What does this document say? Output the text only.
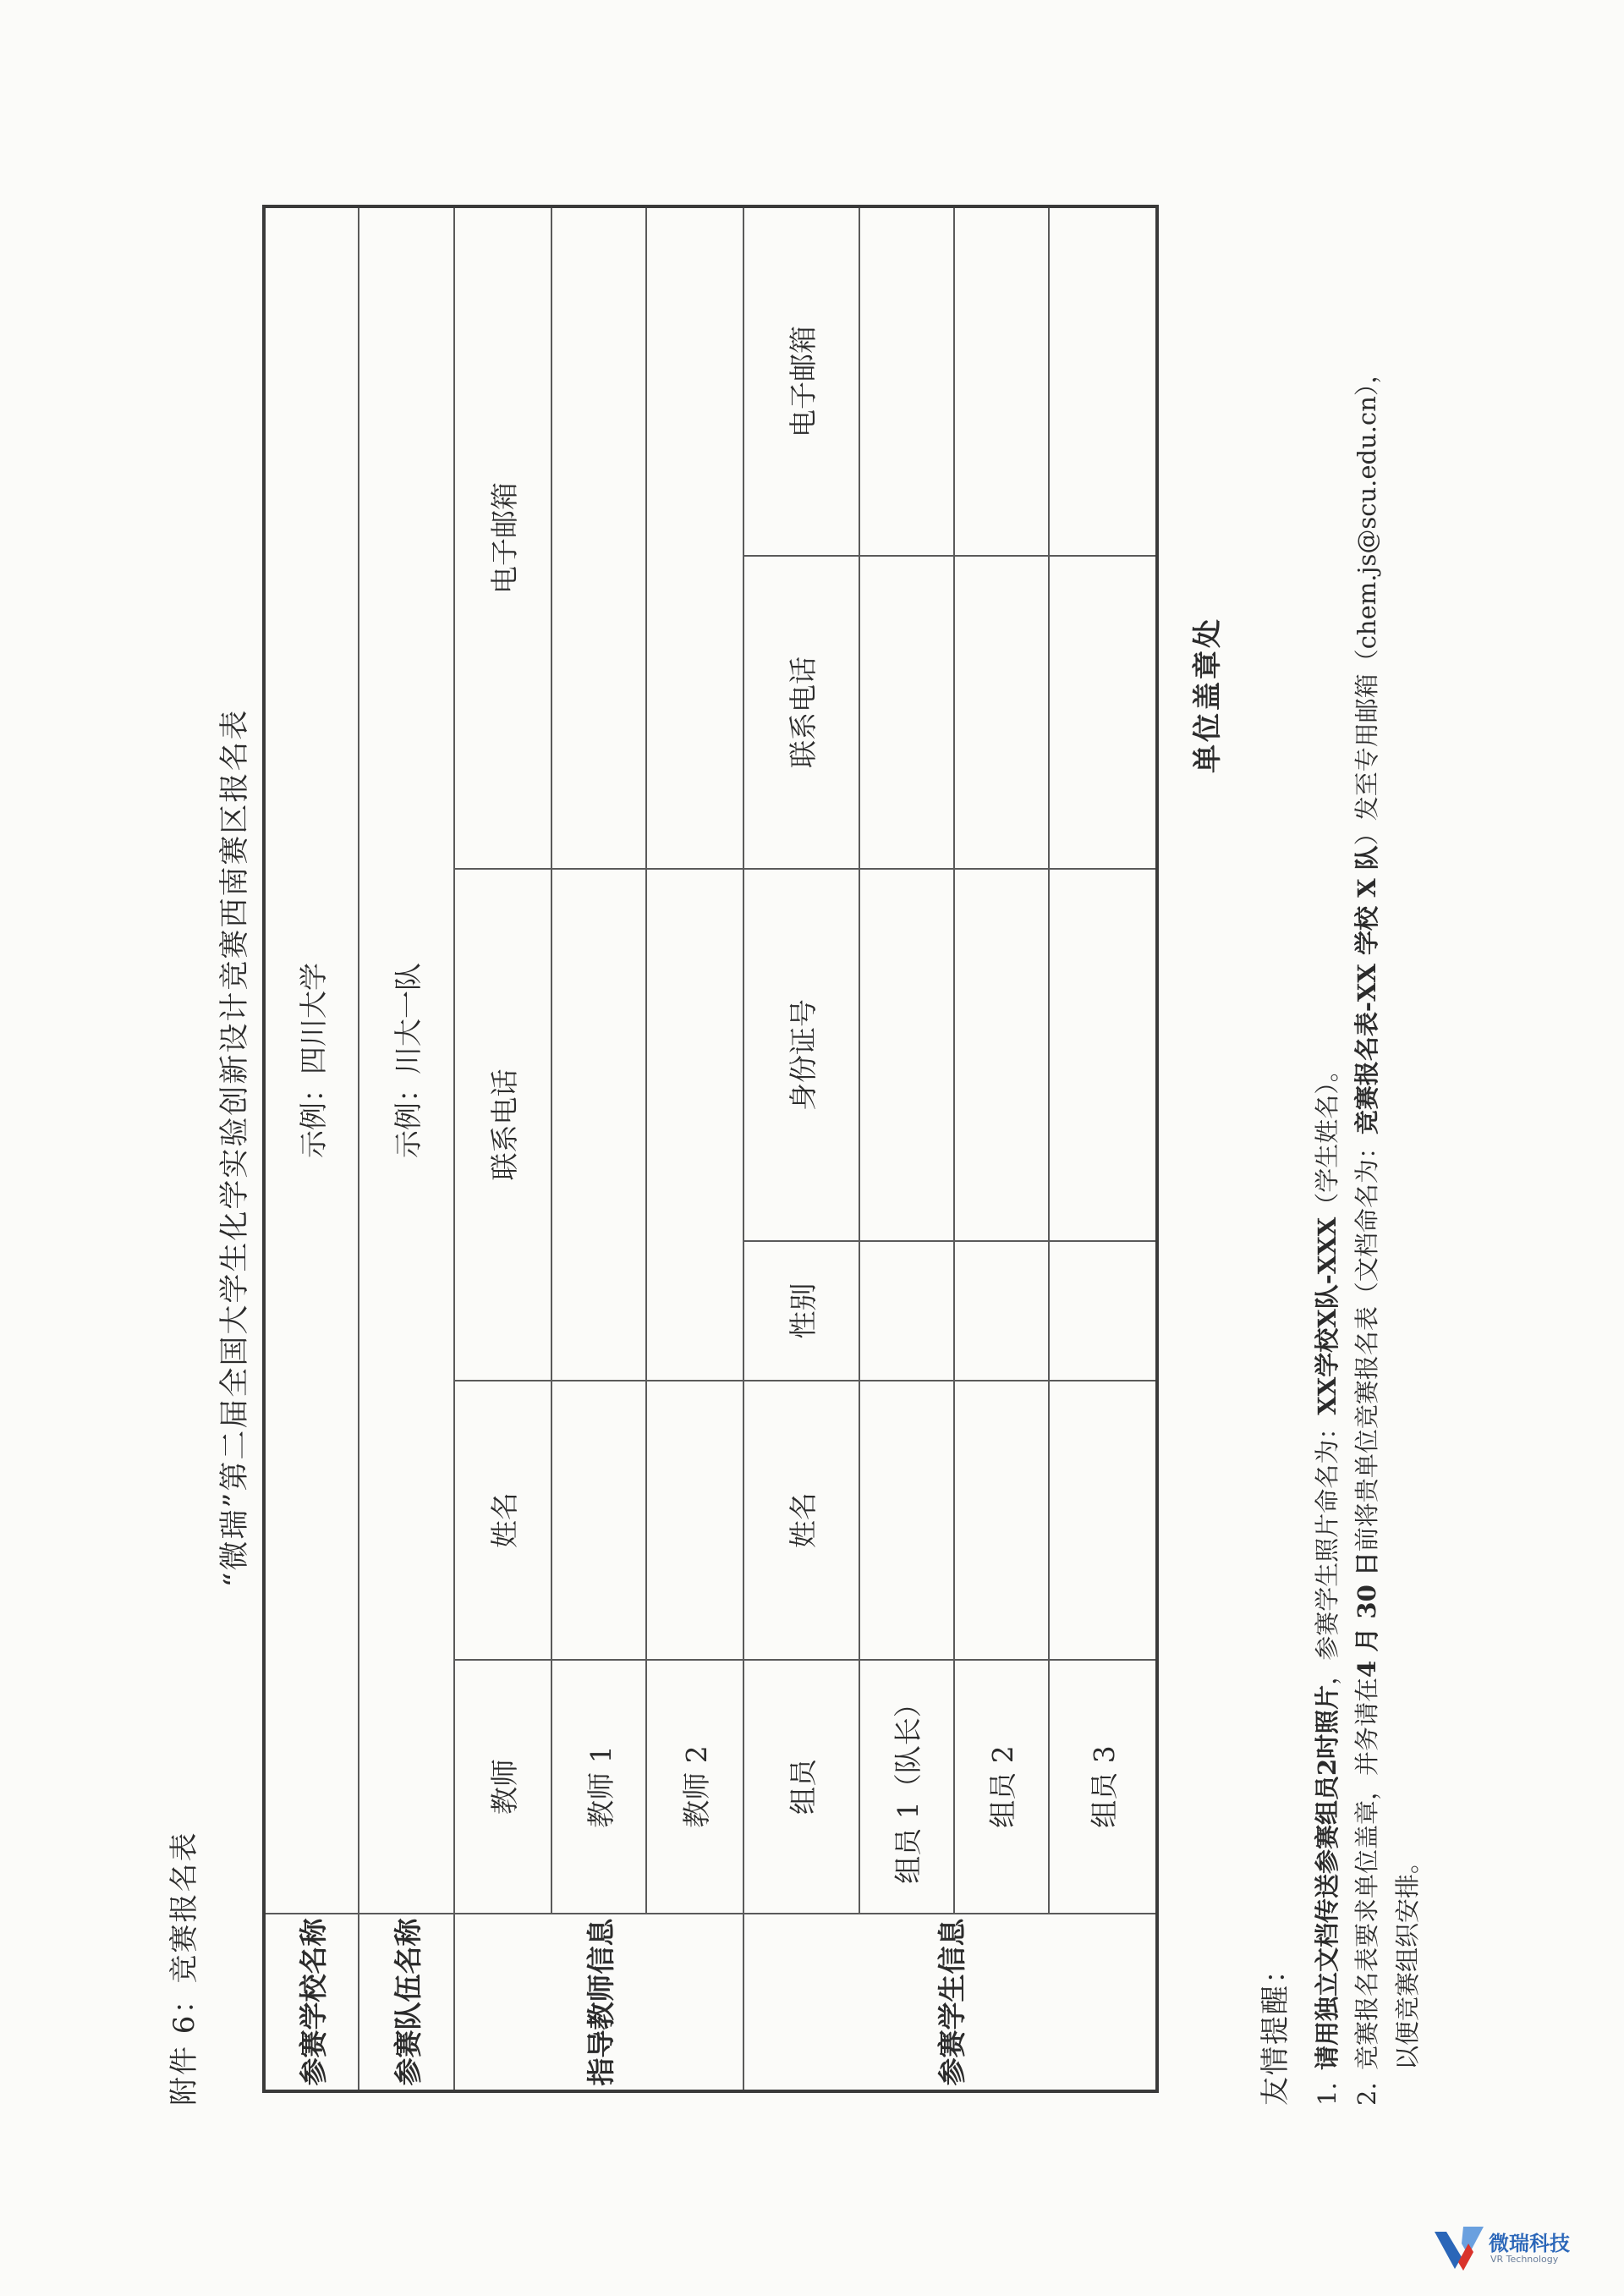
附件 6：竞赛报名表
“微瑞”第二届全国大学生化学实验创新设计竞赛西南赛区报名表
参赛学校名称	示例：四川大学					
参赛队伍名称	示例：川大一队					
指导教师信息	教师	姓名	联系电话		电子邮箱	
	教师 1					
	教师 2					
参赛学生信息	组员	姓名	性别	身份证号	联系电话	电子邮箱
	组员 1（队长）					
	组员 2					
	组员 3					
单位盖章处
友情提醒： 1.请用独立文档传送参赛组员2吋照片，参赛学生照片命名为：XX学校X队-XXX（学生姓名）。
2.竞赛报名表要求单位盖章，并务请在4 月 30 日前将贵单位竞赛报名表（文档命名为：竞赛报名表-XX 学校 X 队）发至专用邮箱（chem.js@scu.edu.cn），
以便竞赛组织安排。
微瑞科技
VR Technology
